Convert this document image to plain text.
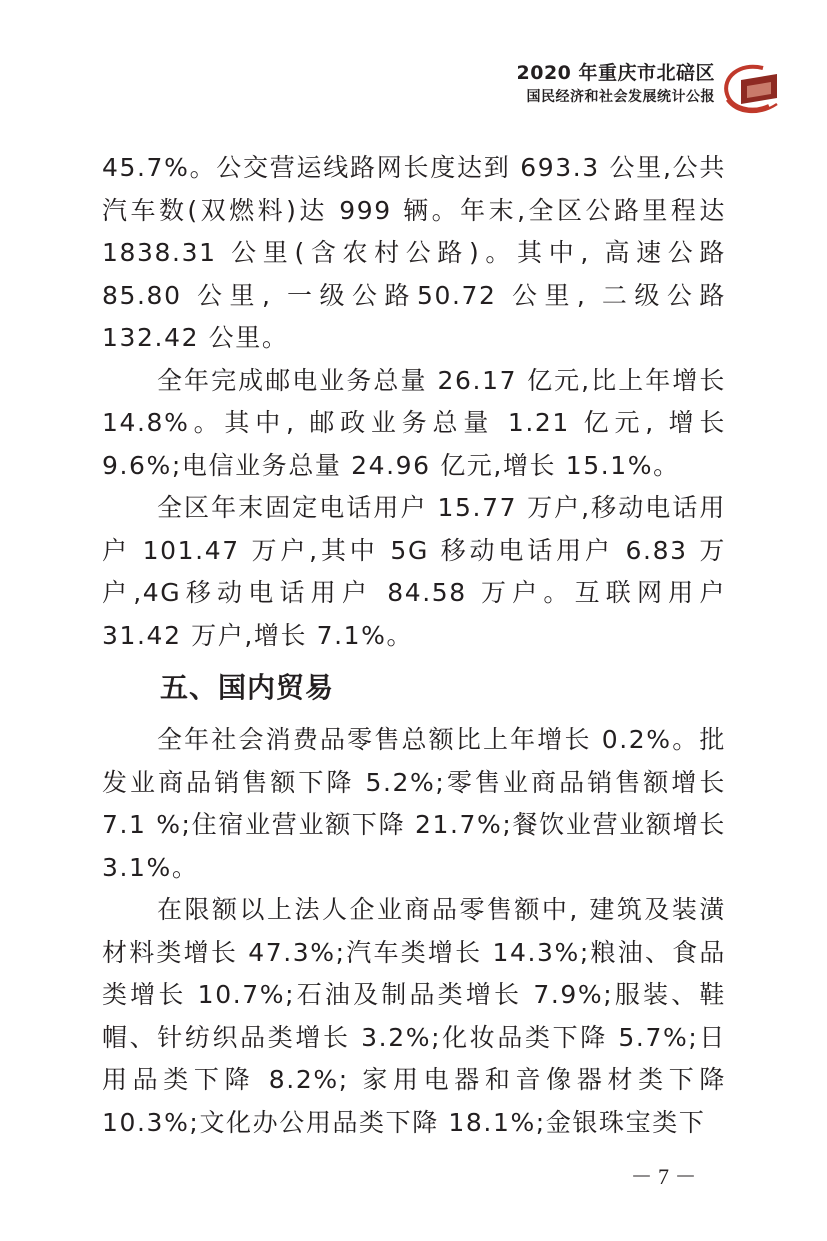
2020 年重庆市北碚区
国民经济和社会发展统计公报

45.7%。公交营运线路网长度达到 693.3 公里,公共汽车数(双燃料)达 999 辆。年末,全区公路里程达 1838.31 公里(含农村公路)。其中, 高速公路 85.80 公里, 一级公路50.72 公里, 二级公路 132.42 公里。

全年完成邮电业务总量 26.17 亿元,比上年增长 14.8%。其中, 邮政业务总量 1.21 亿元, 增长 9.6%;电信业务总量 24.96 亿元,增长 15.1%。

全区年末固定电话用户 15.77 万户,移动电话用户 101.47 万户,其中 5G 移动电话用户 6.83 万户,4G移动电话用户 84.58 万户。互联网用户 31.42 万户,增长 7.1%。

五、国内贸易

全年社会消费品零售总额比上年增长 0.2%。批发业商品销售额下降 5.2%;零售业商品销售额增长 7.1 %;住宿业营业额下降 21.7%;餐饮业营业额增长 3.1%。

在限额以上法人企业商品零售额中, 建筑及装潢材料类增长 47.3%;汽车类增长 14.3%;粮油、食品类增长 10.7%;石油及制品类增长 7.9%;服装、鞋帽、针纺织品类增长 3.2%;化妆品类下降 5.7%;日用品类下降 8.2%; 家用电器和音像器材类下降 10.3%;文化办公用品类下降 18.1%;金银珠宝类下

－ 7 －
